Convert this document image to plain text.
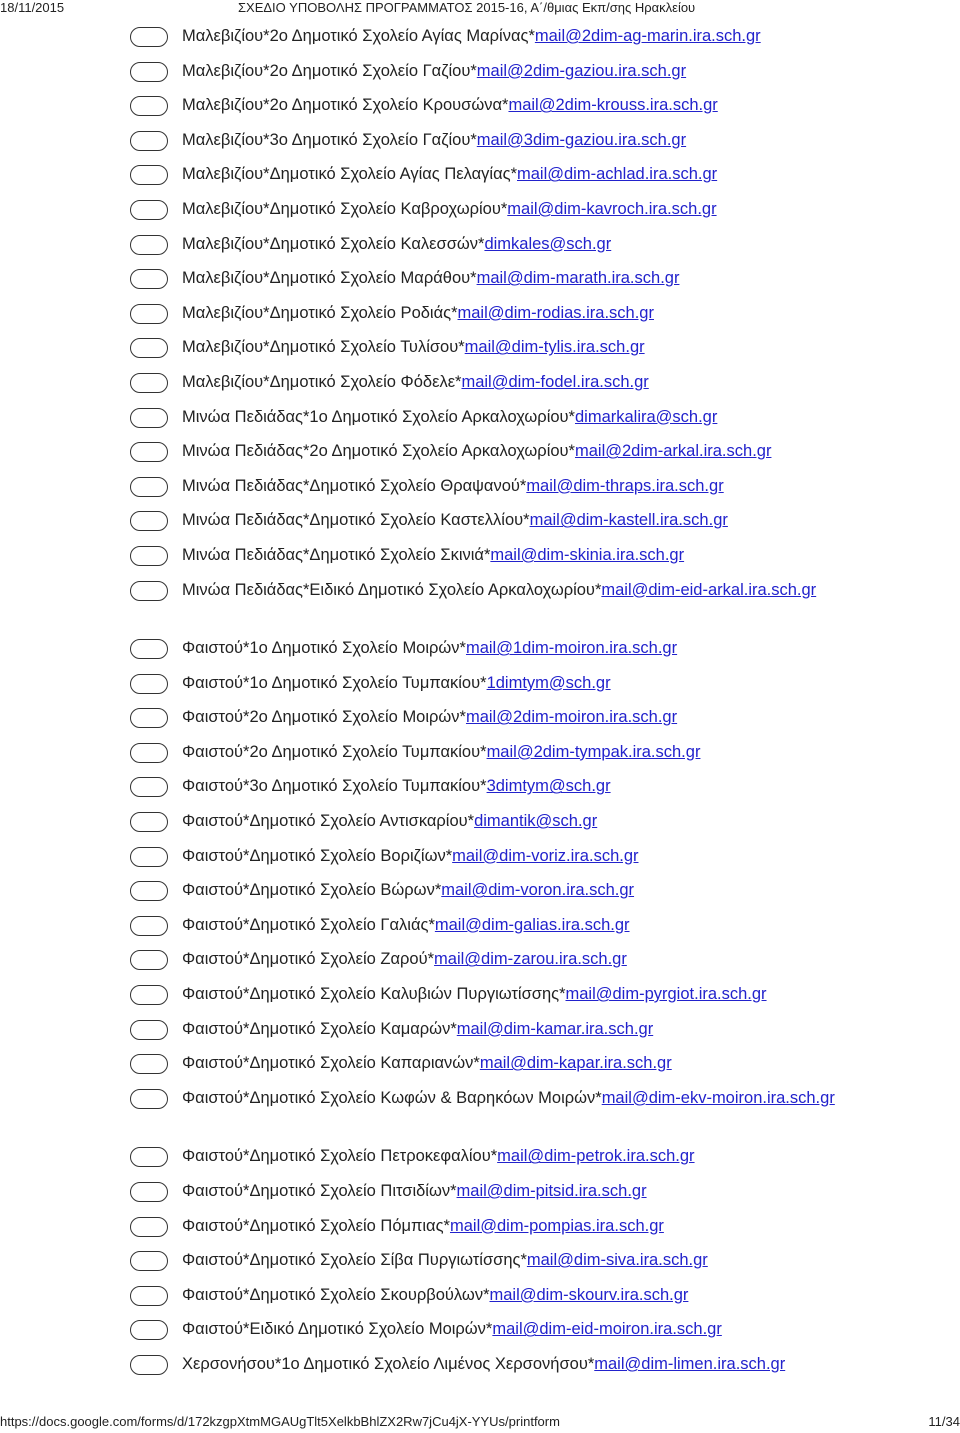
18/11/2015	ΣΧΕΔΙΟ ΥΠΟΒΟΛΗΣ ΠΡΟΓΡΑΜΜΑΤΟΣ 2015-16, Α΄/θμιας Εκπ/σης Ηρακλείου
Μαλεβιζίου*2ο Δημοτικό Σχολείο Αγίας Μαρίνας*mail@2dim-ag-marin.ira.sch.gr
Μαλεβιζίου*2ο Δημοτικό Σχολείο Γαζίου*mail@2dim-gaziou.ira.sch.gr
Μαλεβιζίου*2ο Δημοτικό Σχολείο Κρουσώνα*mail@2dim-krouss.ira.sch.gr
Μαλεβιζίου*3ο Δημοτικό Σχολείο Γαζίου*mail@3dim-gaziou.ira.sch.gr
Μαλεβιζίου*Δημοτικό Σχολείο Αγίας Πελαγίας*mail@dim-achlad.ira.sch.gr
Μαλεβιζίου*Δημοτικό Σχολείο Καβροχωρίου*mail@dim-kavroch.ira.sch.gr
Μαλεβιζίου*Δημοτικό Σχολείο Καλεσσών*dimkales@sch.gr
Μαλεβιζίου*Δημοτικό Σχολείο Μαράθου*mail@dim-marath.ira.sch.gr
Μαλεβιζίου*Δημοτικό Σχολείο Ροδιάς*mail@dim-rodias.ira.sch.gr
Μαλεβιζίου*Δημοτικό Σχολείο Τυλίσου*mail@dim-tylis.ira.sch.gr
Μαλεβιζίου*Δημοτικό Σχολείο Φόδελε*mail@dim-fodel.ira.sch.gr
Μινώα Πεδιάδας*1ο Δημοτικό Σχολείο Αρκαλοχωρίου*dimarkalira@sch.gr
Μινώα Πεδιάδας*2ο Δημοτικό Σχολείο Αρκαλοχωρίου*mail@2dim-arkal.ira.sch.gr
Μινώα Πεδιάδας*Δημοτικό Σχολείο Θραψανού*mail@dim-thraps.ira.sch.gr
Μινώα Πεδιάδας*Δημοτικό Σχολείο Καστελλίου*mail@dim-kastell.ira.sch.gr
Μινώα Πεδιάδας*Δημοτικό Σχολείο Σκινιά*mail@dim-skinia.ira.sch.gr
Μινώα Πεδιάδας*Ειδικό Δημοτικό Σχολείο Αρκαλοχωρίου*mail@dim-eid-arkal.ira.sch.gr
Φαιστού*1ο Δημοτικό Σχολείο Μοιρών*mail@1dim-moiron.ira.sch.gr
Φαιστού*1ο Δημοτικό Σχολείο Τυμπακίου*1dimtym@sch.gr
Φαιστού*2ο Δημοτικό Σχολείο Μοιρών*mail@2dim-moiron.ira.sch.gr
Φαιστού*2ο Δημοτικό Σχολείο Τυμπακίου*mail@2dim-tympak.ira.sch.gr
Φαιστού*3ο Δημοτικό Σχολείο Τυμπακίου*3dimtym@sch.gr
Φαιστού*Δημοτικό Σχολείο Αντισκαρίου*dimantik@sch.gr
Φαιστού*Δημοτικό Σχολείο Βοριζίων*mail@dim-voriz.ira.sch.gr
Φαιστού*Δημοτικό Σχολείο Βώρων*mail@dim-voron.ira.sch.gr
Φαιστού*Δημοτικό Σχολείο Γαλιάς*mail@dim-galias.ira.sch.gr
Φαιστού*Δημοτικό Σχολείο Ζαρού*mail@dim-zarou.ira.sch.gr
Φαιστού*Δημοτικό Σχολείο Καλυβιών Πυργιωτίσσης*mail@dim-pyrgiot.ira.sch.gr
Φαιστού*Δημοτικό Σχολείο Καμαρών*mail@dim-kamar.ira.sch.gr
Φαιστού*Δημοτικό Σχολείο Καπαριανών*mail@dim-kapar.ira.sch.gr
Φαιστού*Δημοτικό Σχολείο Κωφών & Βαρηκόων Μοιρών*mail@dim-ekv-moiron.ira.sch.gr
Φαιστού*Δημοτικό Σχολείο Πετροκεφαλίου*mail@dim-petrok.ira.sch.gr
Φαιστού*Δημοτικό Σχολείο Πιτσιδίων*mail@dim-pitsid.ira.sch.gr
Φαιστού*Δημοτικό Σχολείο Πόμπιας*mail@dim-pompias.ira.sch.gr
Φαιστού*Δημοτικό Σχολείο Σίβα Πυργιωτίσσης*mail@dim-siva.ira.sch.gr
Φαιστού*Δημοτικό Σχολείο Σκουρβούλων*mail@dim-skourv.ira.sch.gr
Φαιστού*Ειδικό Δημοτικό Σχολείο Μοιρών*mail@dim-eid-moiron.ira.sch.gr
Χερσονήσου*1ο Δημοτικό Σχολείο Λιμένος Χερσονήσου*mail@dim-limen.ira.sch.gr
https://docs.google.com/forms/d/172kzgpXtmMGAUgTlt5XelkbBhlZX2Rw7jCu4jX-YYUs/printform	11/34
